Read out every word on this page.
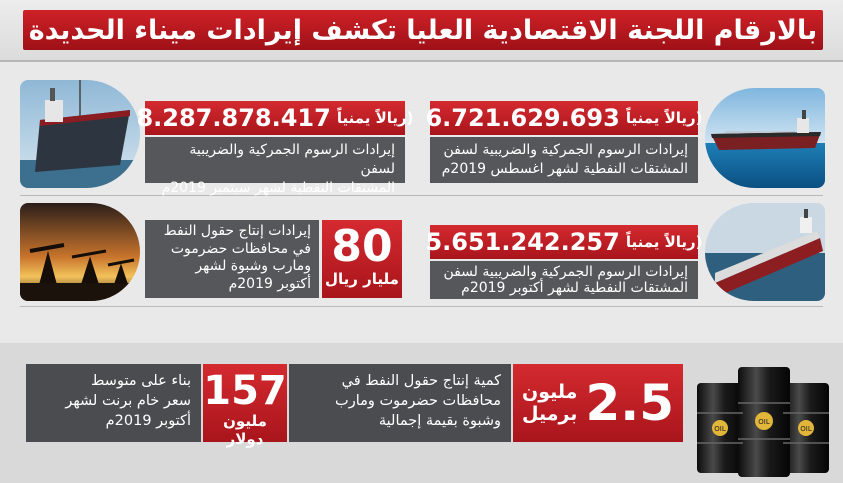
بالارقام اللجنة الاقتصادية العليا تكشف إيرادات ميناء الحديدة
(ريالاً يمنياً
6.721.629.693
إيرادات الرسوم الجمركية والضريبية لسفن
المشتقات النفطية لشهر اغسطس 2019م
(ريالاً يمنياً
8.287.878.417
إيرادات الرسوم الجمركية والضريبية لسفن
المشتقات النفطية لشهر سبتمبر 2019م
(ريالاً يمنياً
5.651.242.257
إيرادات الرسوم الجمركية والضريبية لسفن
المشتقات النفطية لشهر أكتوبر 2019م
80
مليار ريال
إيرادات إنتاج حقول النفط
في محافظات حضرموت
ومارب وشبوة لشهر
أكتوبر 2019م
OIL
OIL
OIL
2.5
مليون
برميل
كمية إنتاج حقول النفط في
محافظات حضرموت ومارب
وشبوة بقيمة إجمالية
157
مليون دولار
بناء على متوسط
سعر خام برنت لشهر
أكتوبر 2019م
